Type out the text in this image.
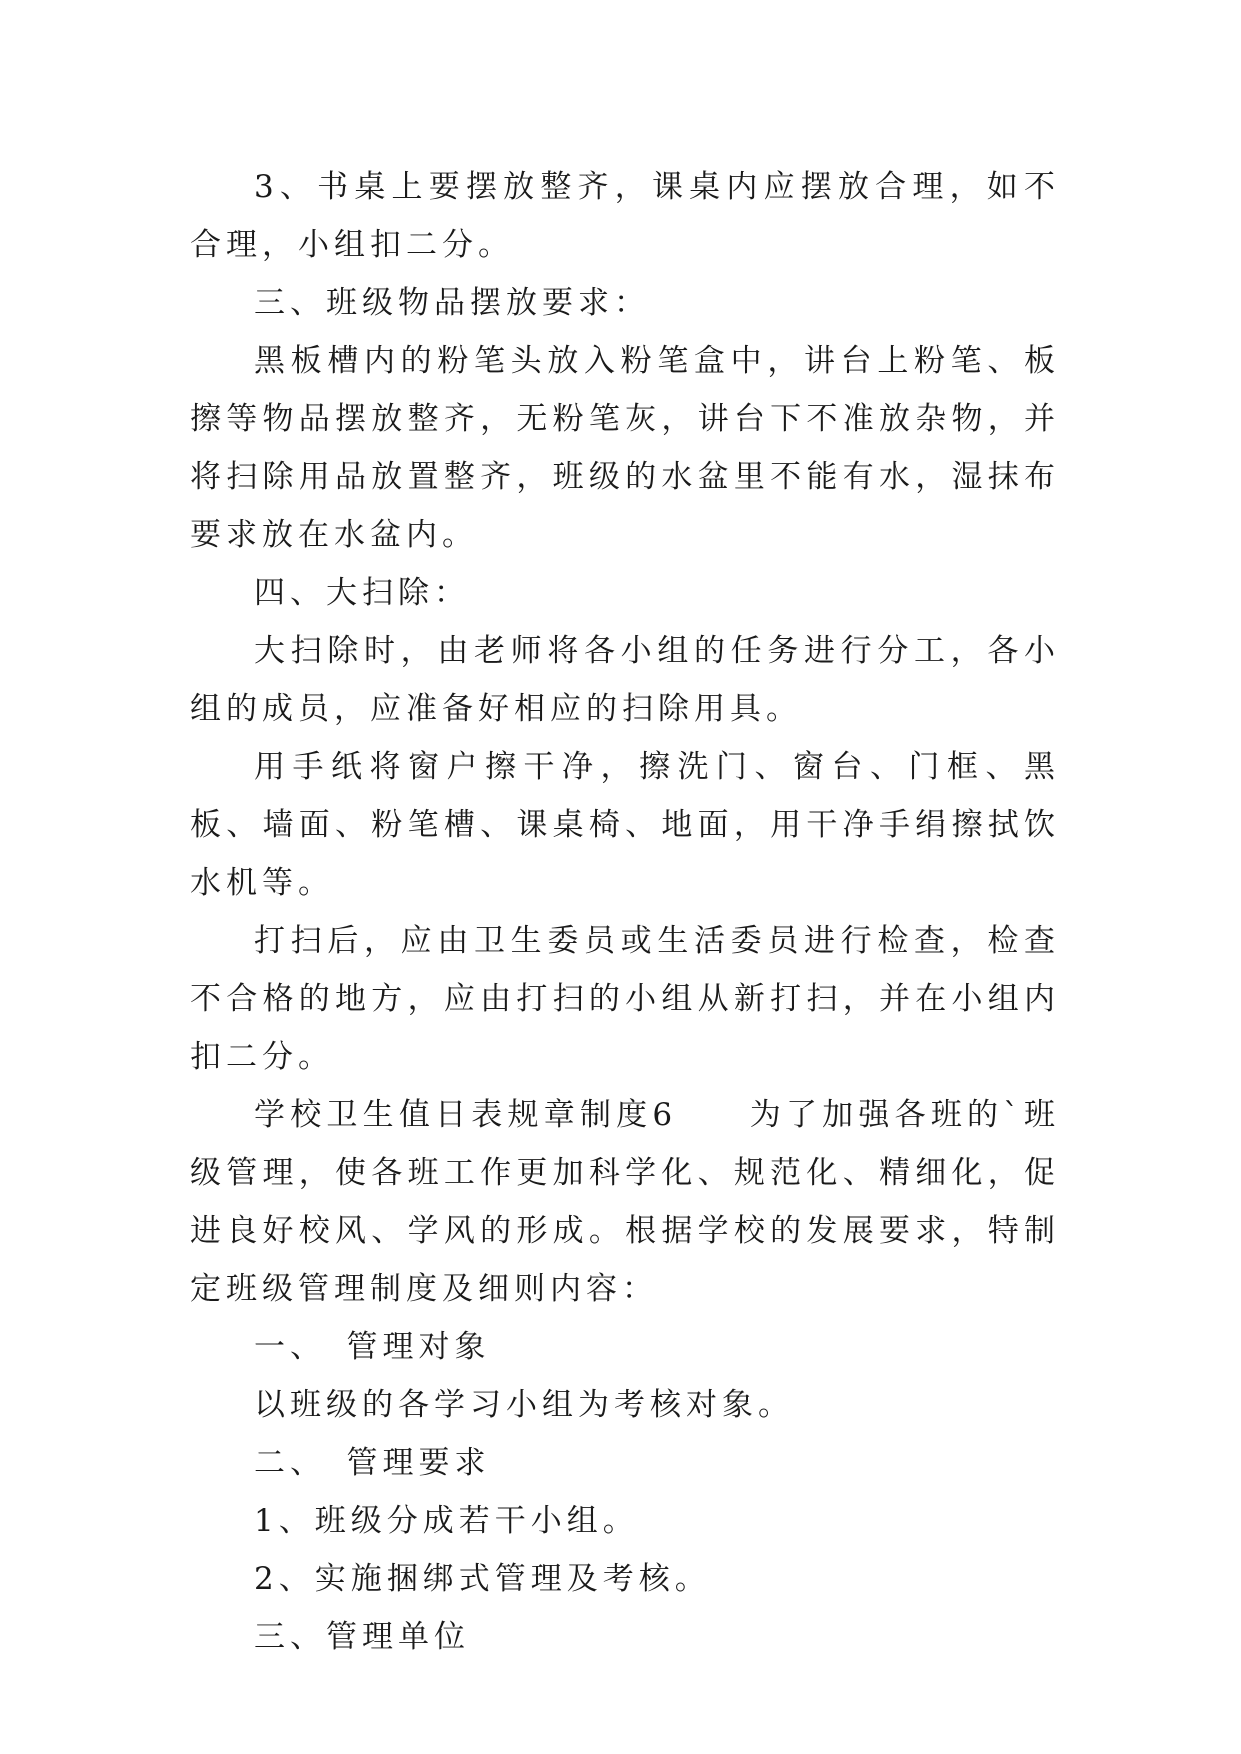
3、书桌上要摆放整齐，课桌内应摆放合理，如不合理，小组扣二分。

三、班级物品摆放要求：

黑板槽内的粉笔头放入粉笔盒中，讲台上粉笔、板擦等物品摆放整齐，无粉笔灰，讲台下不准放杂物，并将扫除用品放置整齐，班级的水盆里不能有水，湿抹布要求放在水盆内。

四、大扫除：

大扫除时，由老师将各小组的任务进行分工，各小组的成员，应准备好相应的扫除用具。

用手纸将窗户擦干净，擦洗门、窗台、门框、黑板、墙面、粉笔槽、课桌椅、地面，用干净手绢擦拭饮水机等。

打扫后，应由卫生委员或生活委员进行检查，检查不合格的地方，应由打扫的小组从新打扫，并在小组内扣二分。

学校卫生值日表规章制度6　　为了加强各班的`班级管理，使各班工作更加科学化、规范化、精细化，促进良好校风、学风的形成。根据学校的发展要求，特制定班级管理制度及细则内容：

一、　管理对象

以班级的各学习小组为考核对象。

二、　管理要求

1、班级分成若干小组。

2、实施捆绑式管理及考核。

三、管理单位
